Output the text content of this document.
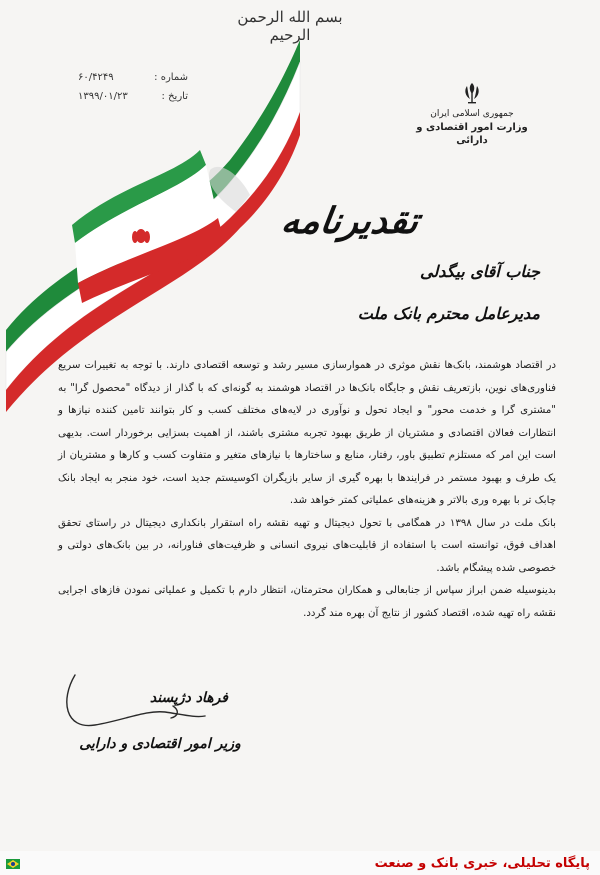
بسم الله الرحمن الرحیم
شماره :
۶۰/۴۲۴۹
تاریخ :
۱۳۹۹/۰۱/۲۳
جمهوری اسلامی ایران
وزارت امور اقتصادی و دارائی
تقدیرنامه
جناب آقای بیگدلی
مدیرعامل محترم بانک ملت

در اقتصاد هوشمند، بانک‌ها نقش موثری در هموارسازی مسیر رشد و توسعه اقتصادی دارند. با توجه به تغییرات سریع فناوری‌های نوین، بازتعریف نقش و جایگاه بانک‌ها در اقتصاد هوشمند به گونه‌ای که با گذار از دیدگاه "محصول گرا" به "مشتری گرا و خدمت محور" و ایجاد تحول و نوآوری در لایه‌های مختلف کسب و کار بتوانند تامین کننده نیازها و انتظارات فعالان اقتصادی و مشتریان از طریق بهبود تجربه مشتری باشند، از اهمیت بسزایی برخوردار است. بدیهی است این امر که مستلزم تطبیق باور، رفتار، منابع و ساختارها با نیازهای متغیر و متفاوت کسب و کارها و مشتریان از یک طرف و بهبود مستمر در فرایندها با بهره گیری از سایر بازیگران اکوسیستم جدید است، خود منجر به ایجاد بانک چابک تر با بهره وری بالاتر و هزینه‌های عملیاتی کمتر خواهد شد.

بانک ملت در سال ۱۳۹۸ در همگامی با تحول دیجیتال و تهیه نقشه راه استقرار بانکداری دیجیتال در راستای تحقق اهداف فوق، توانسته است با استفاده از قابلیت‌های نیروی انسانی و ظرفیت‌های فناورانه، در بین بانک‌های دولتی و خصوصی شده پیشگام باشد.

بدینوسیله ضمن ابراز سپاس از جنابعالی و همکاران محترمتان، انتظار دارم با تکمیل و عملیاتی نمودن فازهای اجرایی نقشه راه تهیه شده، اقتصاد کشور از نتایج آن بهره مند گردد.

فرهاد دژپسند
وزیر امور اقتصادی و دارایی
پایگاه تحلیلی، خبری بانک و صنعت
